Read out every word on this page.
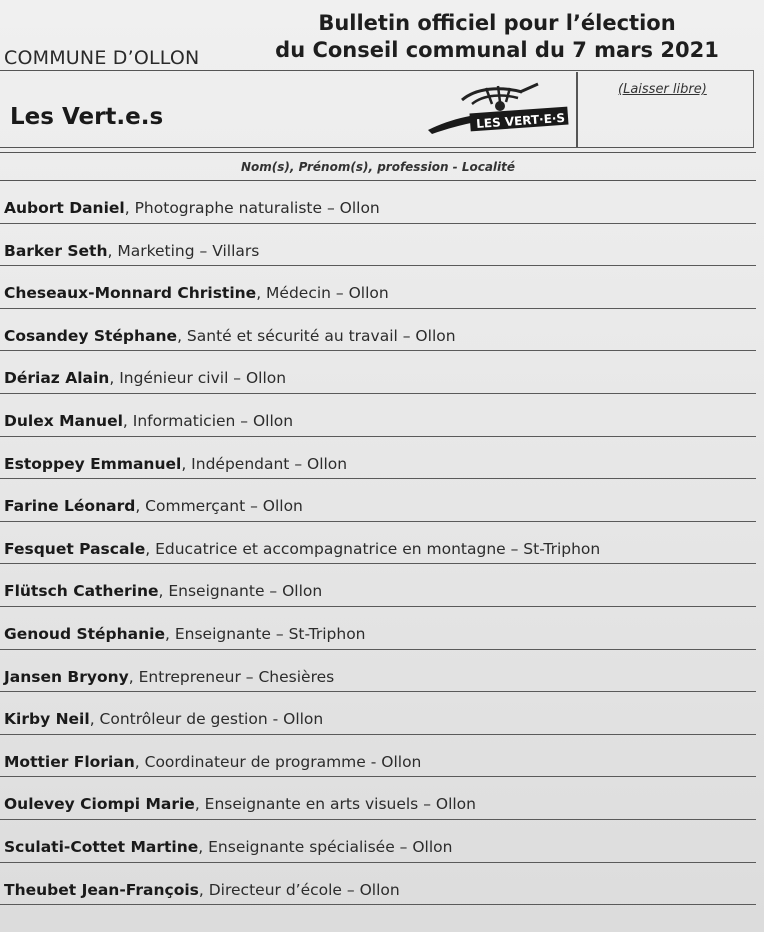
COMMUNE D’OLLON
Bulletin officiel pour l’élection
du Conseil communal du 7 mars 2021
Les Vert.e.s	LES VERT·E·S
(Laisser libre)
Nom(s), Prénom(s), profession - Localité
Aubort Daniel, Photographe naturaliste – Ollon
Barker Seth, Marketing – Villars
Cheseaux-Monnard Christine, Médecin – Ollon
Cosandey Stéphane, Santé et sécurité au travail – Ollon
Dériaz Alain, Ingénieur civil – Ollon
Dulex Manuel, Informaticien – Ollon
Estoppey Emmanuel, Indépendant – Ollon
Farine Léonard, Commerçant – Ollon
Fesquet Pascale, Educatrice et accompagnatrice en montagne – St-Triphon
Flütsch Catherine, Enseignante – Ollon
Genoud Stéphanie, Enseignante – St-Triphon
Jansen Bryony, Entrepreneur – Chesières
Kirby Neil, Contrôleur de gestion - Ollon
Mottier Florian, Coordinateur de programme - Ollon
Oulevey Ciompi Marie, Enseignante en arts visuels – Ollon
Sculati-Cottet Martine, Enseignante spécialisée – Ollon
Theubet Jean-François, Directeur d’école – Ollon
